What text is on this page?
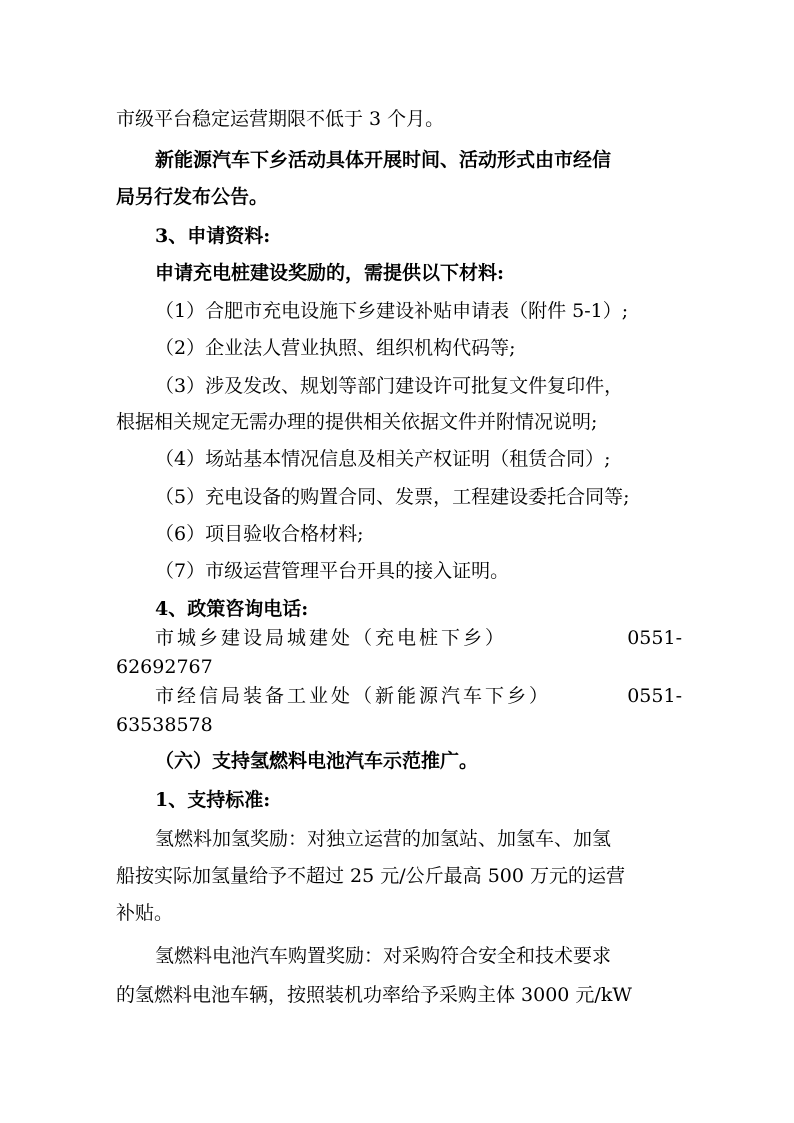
市级平台稳定运营期限不低于 3 个月。
新能源汽车下乡活动具体开展时间、活动形式由市经信
局另行发布公告。
3、申请资料:
申请充电桩建设奖励的，需提供以下材料:
（1）合肥市充电设施下乡建设补贴申请表（附件 5-1）;
（2）企业法人营业执照、组织机构代码等;
（3）涉及发改、规划等部门建设许可批复文件复印件，
根据相关规定无需办理的提供相关依据文件并附情况说明;
（4）场站基本情况信息及相关产权证明（租赁合同）;
（5）充电设备的购置合同、发票，工程建设委托合同等;
（6）项目验收合格材料;
（7）市级运营管理平台开具的接入证明。
4、政策咨询电话:
市城乡建设局城建处（充电桩下乡）	0551-
62692767
市经信局装备工业处（新能源汽车下乡）	0551-
63538578
（六）支持氢燃料电池汽车示范推广。
1、支持标准:
氢燃料加氢奖励：对独立运营的加氢站、加氢车、加氢
船按实际加氢量给予不超过 25 元/公斤最高 500 万元的运营
补贴。
氢燃料电池汽车购置奖励：对采购符合安全和技术要求
的氢燃料电池车辆，按照装机功率给予采购主体 3000 元/kW
